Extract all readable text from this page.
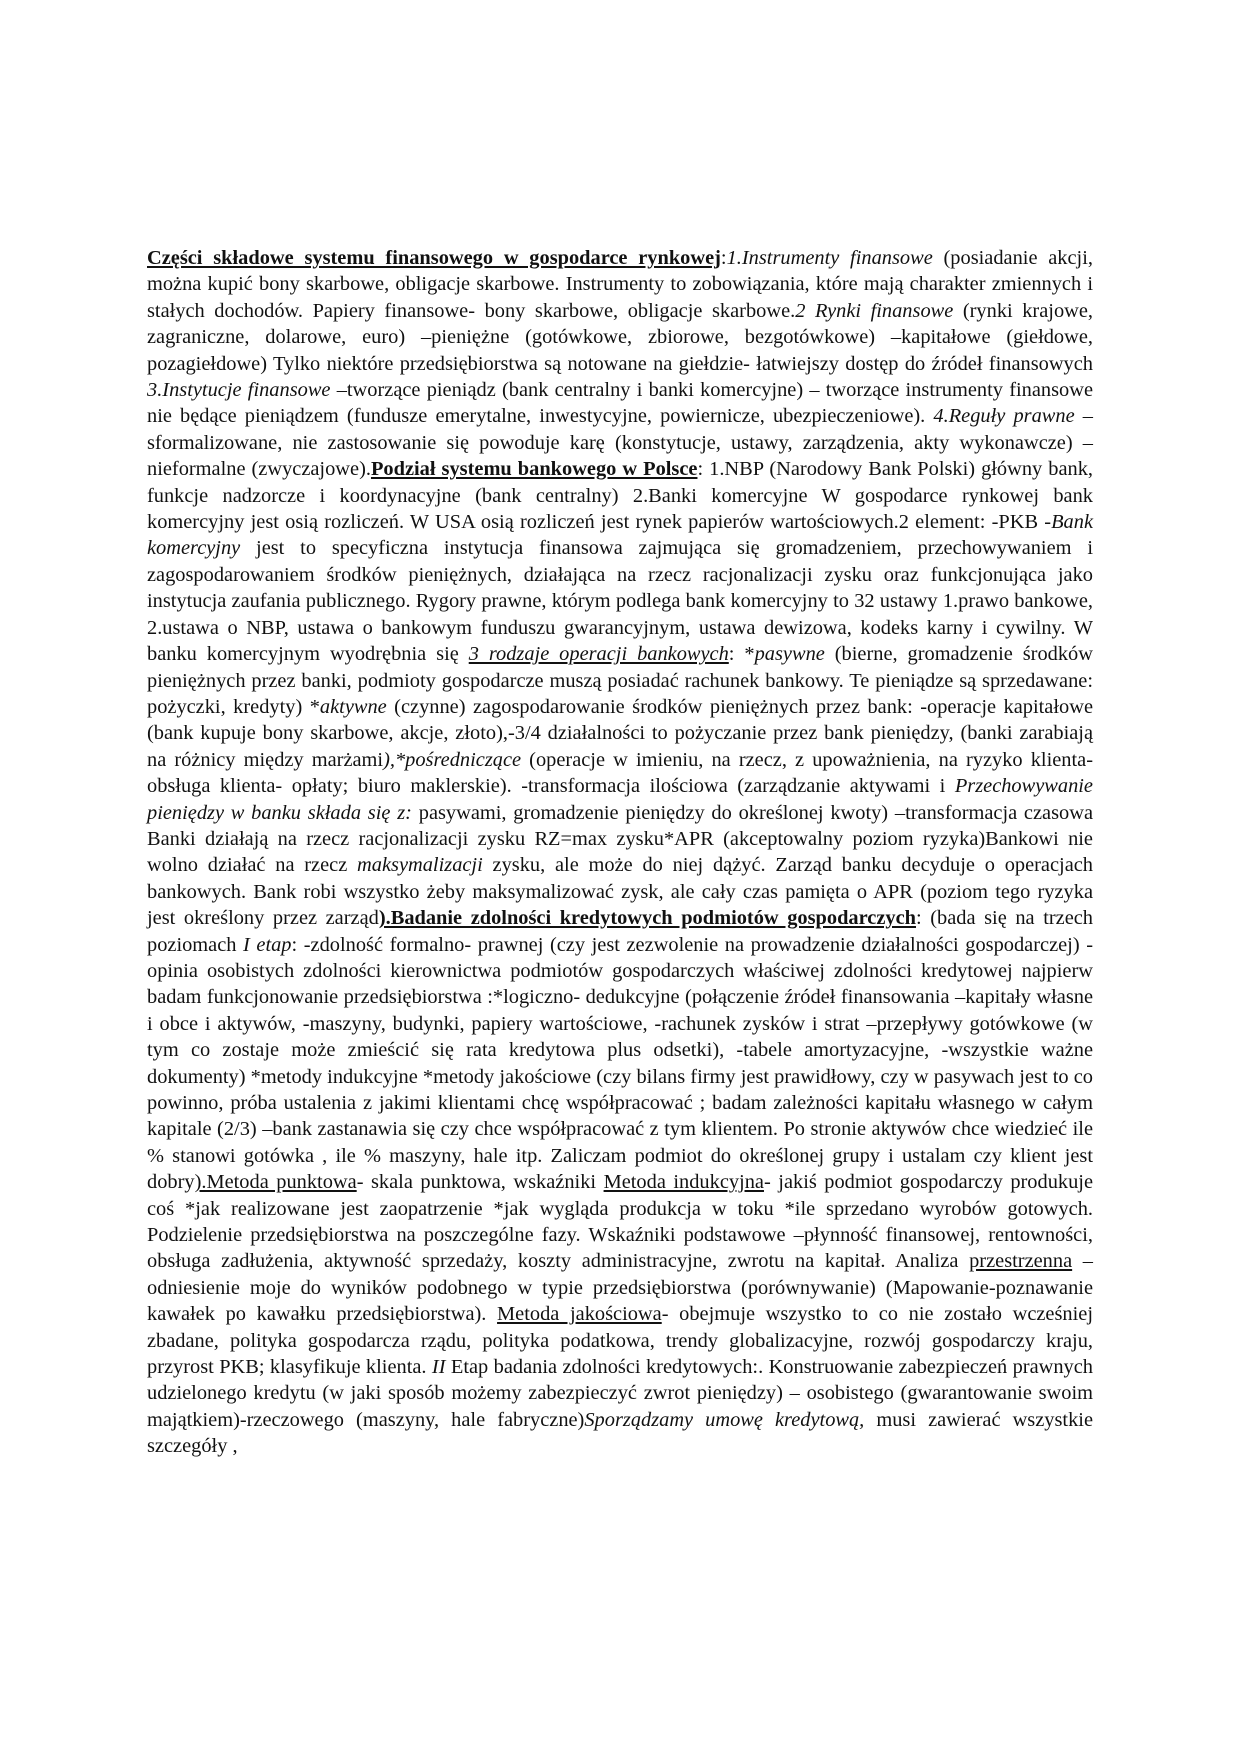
Części składowe systemu finansowego w gospodarce rynkowej:1.Instrumenty finansowe (posiadanie akcji, można kupić bony skarbowe, obligacje skarbowe. Instrumenty to zobowiązania, które mają charakter zmiennych i stałych dochodów. Papiery finansowe- bony skarbowe, obligacje skarbowe.2 Rynki finansowe (rynki krajowe, zagraniczne, dolarowe, euro) –pieniężne (gotówkowe, zbiorowe, bezgotówkowe) –kapitałowe (giełdowe, pozagiełdowe) Tylko niektóre przedsiębiorstwa są notowane na giełdzie- łatwiejszy dostęp do źródeł finansowych 3.Instytucje finansowe –tworzące pieniądz (bank centralny i banki komercyjne) – tworzące instrumenty finansowe nie będące pieniądzem (fundusze emerytalne, inwestycyjne, powiernicze, ubezpieczeniowe). 4.Reguły prawne –sformalizowane, nie zastosowanie się powoduje karę (konstytucje, ustawy, zarządzenia, akty wykonawcze) –nieformalne (zwyczajowe).Podział systemu bankowego w Polsce: 1.NBP (Narodowy Bank Polski) główny bank, funkcje nadzorcze i koordynacyjne (bank centralny) 2.Banki komercyjne W gospodarce rynkowej bank komercyjny jest osią rozliczeń. W USA osią rozliczeń jest rynek papierów wartościowych.2 element: -PKB -Bank komercyjny jest to specyficzna instytucja finansowa zajmująca się gromadzeniem, przechowywaniem i zagospodarowaniem środków pieniężnych, działająca na rzecz racjonalizacji zysku oraz funkcjonująca jako instytucja zaufania publicznego. Rygory prawne, którym podlega bank komercyjny to 32 ustawy 1.prawo bankowe, 2.ustawa o NBP, ustawa o bankowym funduszu gwarancyjnym, ustawa dewizowa, kodeks karny i cywilny. W banku komercyjnym wyodrębnia się 3 rodzaje operacji bankowych: *pasywne (bierne, gromadzenie środków pieniężnych przez banki, podmioty gospodarcze muszą posiadać rachunek bankowy. Te pieniądze są sprzedawane: pożyczki, kredyty) *aktywne (czynne) zagospodarowanie środków pieniężnych przez bank: -operacje kapitałowe (bank kupuje bony skarbowe, akcje, złoto),-3/4 działalności to pożyczanie przez bank pieniędzy, (banki zarabiają na różnicy między marżami),*pośredniczące (operacje w imieniu, na rzecz, z upoważnienia, na ryzyko klienta-obsługa klienta- opłaty; biuro maklerskie). -transformacja ilościowa (zarządzanie aktywami i Przechowywanie pieniędzy w banku składa się z: pasywami, gromadzenie pieniędzy do określonej kwoty) –transformacja czasowa Banki działają na rzecz racjonalizacji zysku RZ=max zysku*APR (akceptowalny poziom ryzyka)Bankowi nie wolno działać na rzecz maksymalizacji zysku, ale może do niej dążyć. Zarząd banku decyduje o operacjach bankowych. Bank robi wszystko żeby maksymalizować zysk, ale cały czas pamięta o APR (poziom tego ryzyka jest określony przez zarząd).Badanie zdolności kredytowych podmiotów gospodarczych: (bada się na trzech poziomach I etap: -zdolność formalno- prawnej (czy jest zezwolenie na prowadzenie działalności gospodarczej) -opinia osobistych zdolności kierownictwa podmiotów gospodarczych właściwej zdolności kredytowej najpierw badam funkcjonowanie przedsiębiorstwa :*logiczno- dedukcyjne (połączenie źródeł finansowania –kapitały własne i obce i aktywów, -maszyny, budynki, papiery wartościowe, -rachunek zysków i strat –przepływy gotówkowe (w tym co zostaje może zmieścić się rata kredytowa plus odsetki), -tabele amortyzacyjne, -wszystkie ważne dokumenty) *metody indukcyjne *metody jakościowe (czy bilans firmy jest prawidłowy, czy w pasywach jest to co powinno, próba ustalenia z jakimi klientami chcę współpracować ; badam zależności kapitału własnego w całym kapitale (2/3) –bank zastanawia się czy chce współpracować z tym klientem. Po stronie aktywów chce wiedzieć ile % stanowi gotówka , ile % maszyny, hale itp. Zaliczam podmiot do określonej grupy i ustalam czy klient jest dobry).Metoda punktowa- skala punktowa, wskaźniki Metoda indukcyjna- jakiś podmiot gospodarczy produkuje coś *jak realizowane jest zaopatrzenie *jak wygląda produkcja w toku *ile sprzedano wyrobów gotowych. Podzielenie przedsiębiorstwa na poszczególne fazy. Wskaźniki podstawowe –płynność finansowej, rentowności, obsługa zadłużenia, aktywność sprzedaży, koszty administracyjne, zwrotu na kapitał. Analiza przestrzenna –odniesienie moje do wyników podobnego w typie przedsiębiorstwa (porównywanie) (Mapowanie-poznawanie kawałek po kawałku przedsiębiorstwa). Metoda jakościowa- obejmuje wszystko to co nie zostało wcześniej zbadane, polityka gospodarcza rządu, polityka podatkowa, trendy globalizacyjne, rozwój gospodarczy kraju, przyrost PKB; klasyfikuje klienta. II Etap badania zdolności kredytowych:. Konstruowanie zabezpieczeń prawnych udzielonego kredytu (w jaki sposób możemy zabezpieczyć zwrot pieniędzy) – osobistego (gwarantowanie swoim majątkiem)-rzeczowego (maszyny, hale fabryczne)Sporządzamy umowę kredytową, musi zawierać wszystkie szczegóły ,
